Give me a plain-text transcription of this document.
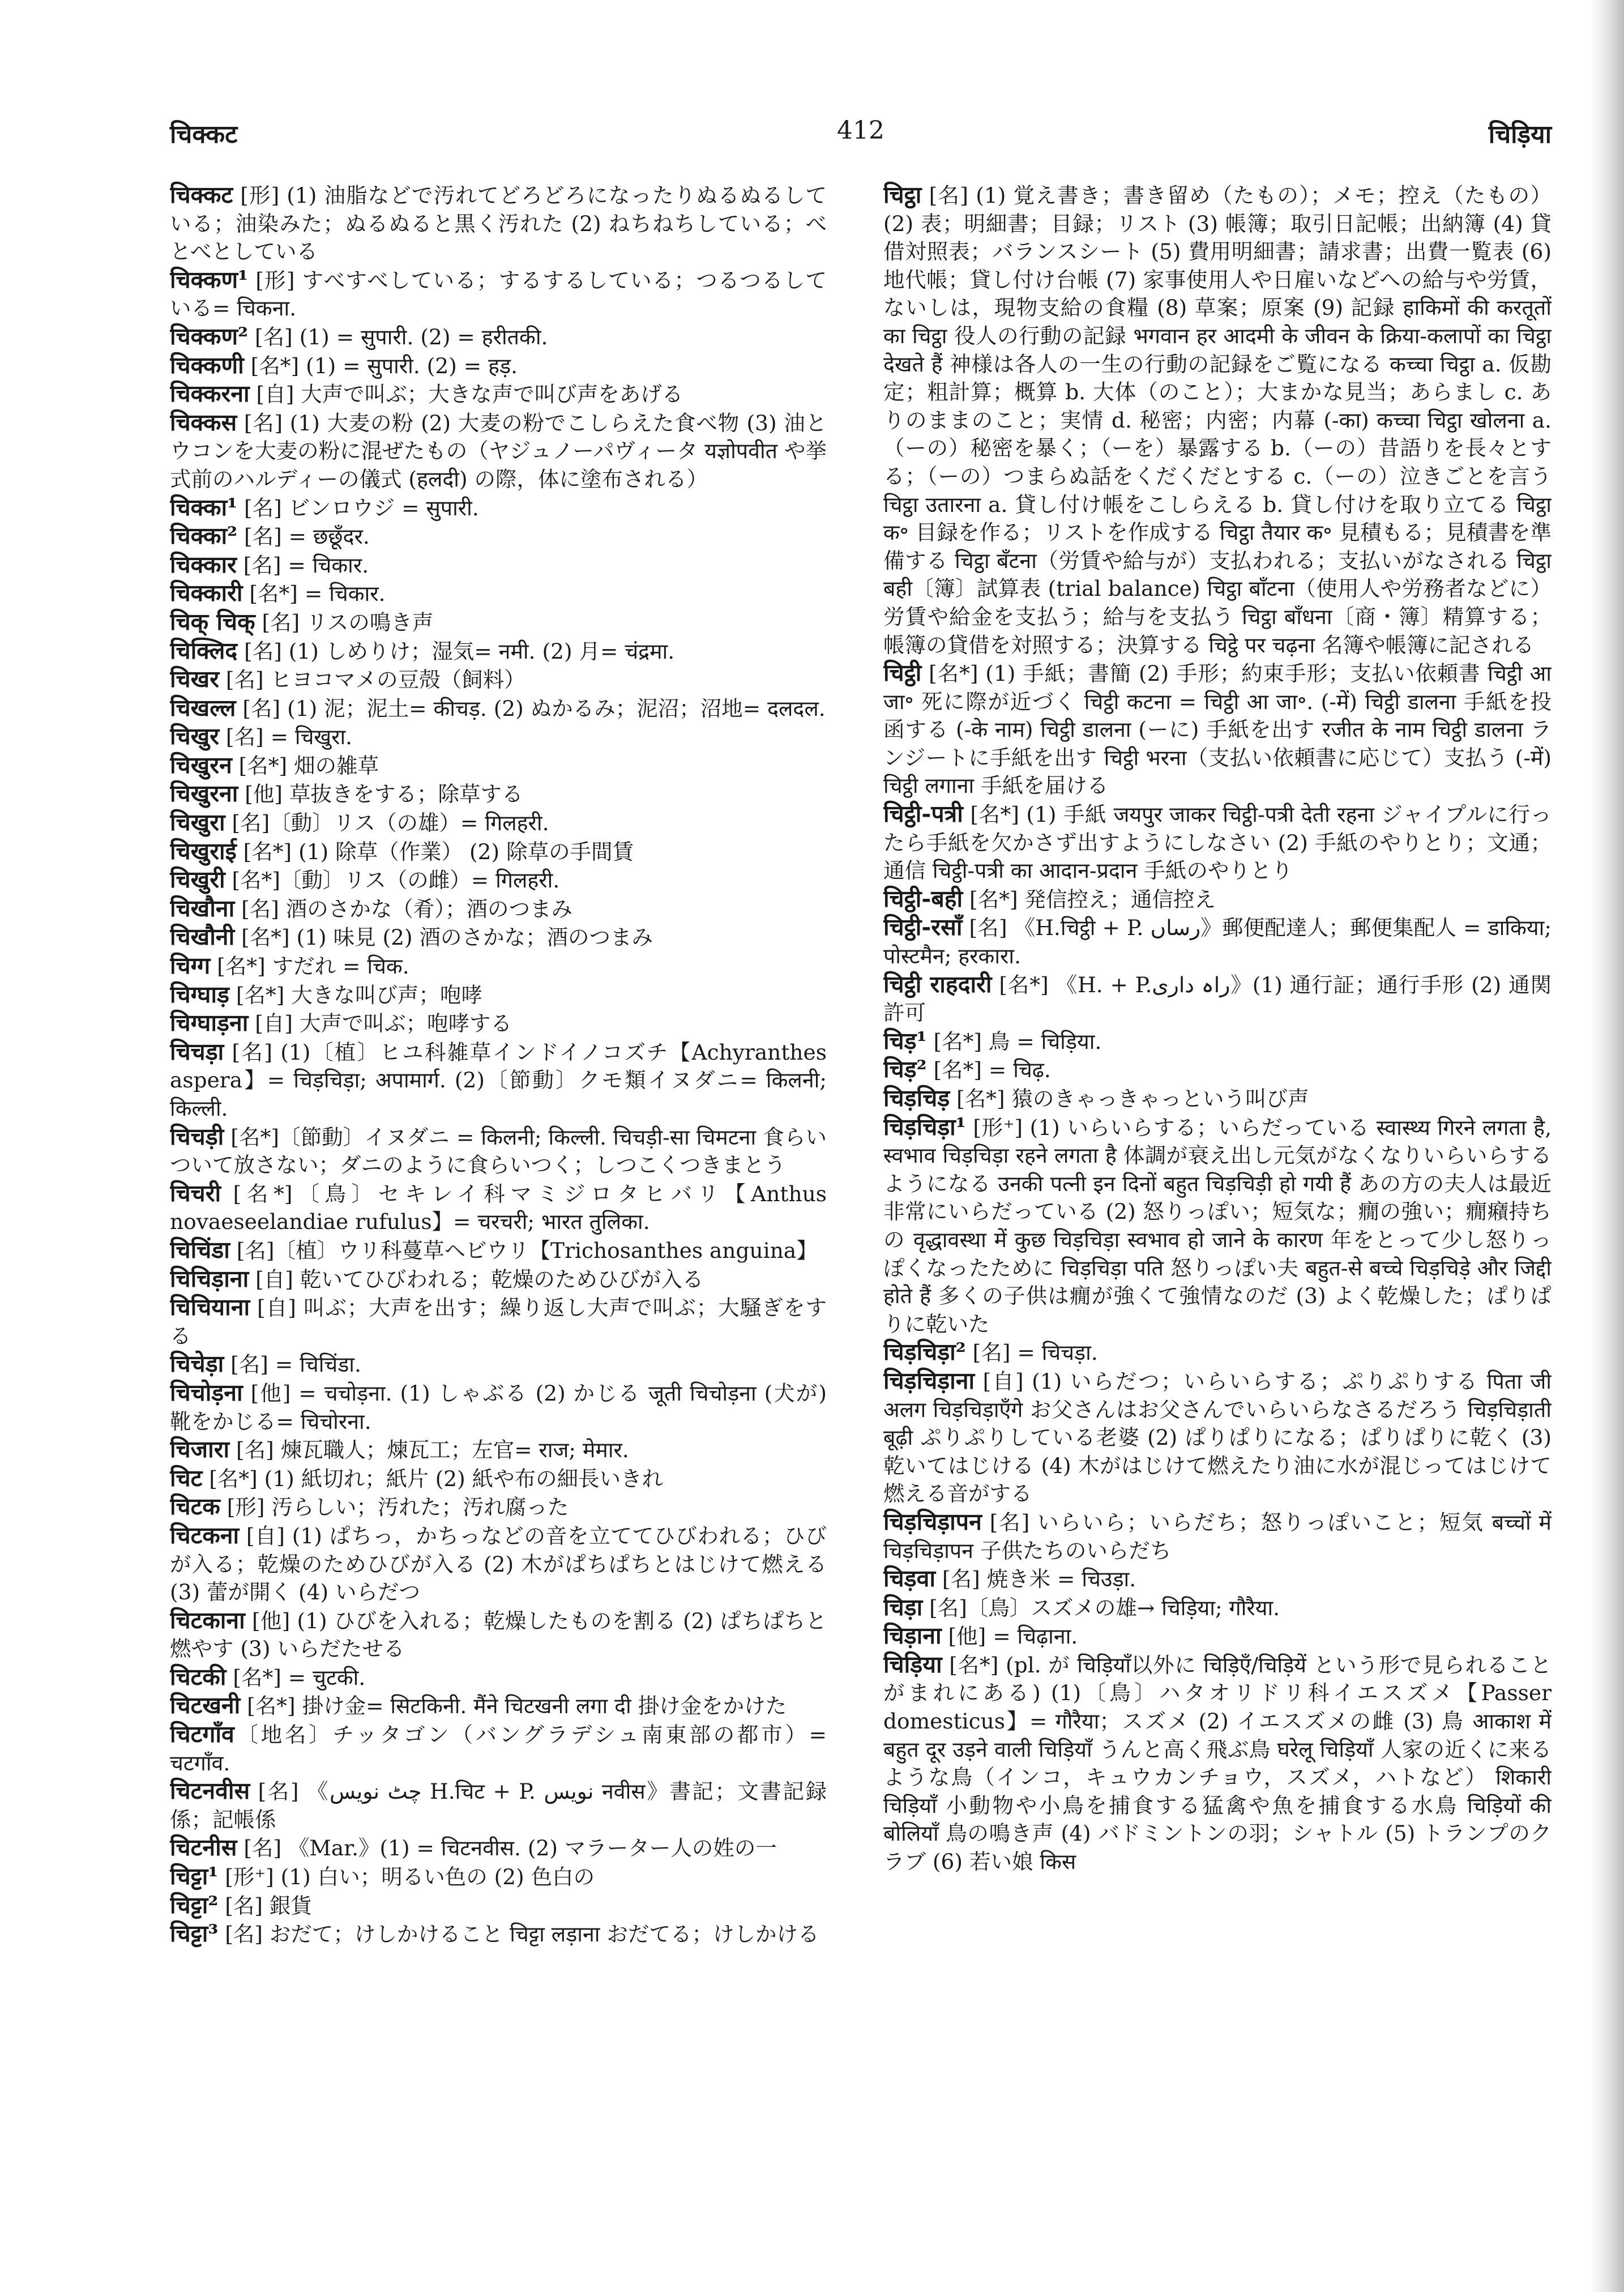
चिक्कट	412	चिड़िया

चिक्कट [形] (1) 油脂などで汚れてどろどろになったりぬるぬるしている；油染みた；ぬるぬると黒く汚れた (2) ねちねちしている；べとべとしている

चिक्कण¹ [形] すべすべしている；するするしている；つるつるしている= चिकना.

चिक्कण² [名] (1) = सुपारी. (2) = हरीतकी.

चिक्कणी [名*] (1) = सुपारी. (2) = हड़.

चिक्करना [自] 大声で叫ぶ；大きな声で叫び声をあげる

चिक्कस [名] (1) 大麦の粉 (2) 大麦の粉でこしらえた食べ物 (3) 油とウコンを大麦の粉に混ぜたもの（ヤジュノーパヴィータ यज्ञोपवीत や挙式前のハルディーの儀式 (हलदी) の際，体に塗布される）

चिक्का¹ [名] ビンロウジ = सुपारी.

चिक्का² [名] = छछूँदर.

चिक्कार [名] = चिकार.

चिक्कारी [名*] = चिकार.

चिक् चिक् [名] リスの鳴き声

चिक्लिद [名] (1) しめりけ；湿気= नमी. (2) 月= चंद्रमा.

चिखर [名] ヒヨコマメの豆殻（飼料）

चिखल्ल [名] (1) 泥；泥土= कीचड़. (2) ぬかるみ；泥沼；沼地= दलदल.

चिखुर [名] = चिखुरा.

चिखुरन [名*] 畑の雑草

चिखुरना [他] 草抜きをする；除草する

चिखुरा [名]〔動〕リス（の雄）= गिलहरी.

चिखुराई [名*] (1) 除草（作業） (2) 除草の手間賃

चिखुरी [名*]〔動〕リス（の雌）= गिलहरी.

चिखौना [名] 酒のさかな（肴）；酒のつまみ

चिखौनी [名*] (1) 味見 (2) 酒のさかな；酒のつまみ

चिग्ग [名*] すだれ = चिक.

चिग्घाड़ [名*] 大きな叫び声；咆哮

चिग्घाड़ना [自] 大声で叫ぶ；咆哮する

चिचड़ा [名] (1)〔植〕ヒユ科雑草インドイノコズチ【Achyranthes aspera】= चिड़चिड़ा; अपामार्ग. (2)〔節動〕クモ類イヌダニ= किलनी; किल्ली.

चिचड़ी [名*]〔節動〕イヌダニ = किलनी; किल्ली. चिचड़ी-सा चिमटना 食らいついて放さない；ダニのように食らいつく；しつこくつきまとう

चिचरी [名*]〔鳥〕セキレイ科マミジロタヒバリ【Anthus novaeseelandiae rufulus】= चरचरी; भारत तुलिका.

चिचिंडा [名]〔植〕ウリ科蔓草ヘビウリ【Trichosanthes anguina】

चिचिड़ाना [自] 乾いてひびわれる；乾燥のためひびが入る

चिचियाना [自] 叫ぶ；大声を出す；繰り返し大声で叫ぶ；大騒ぎをする

चिचेड़ा [名] = चिचिंडा.

चिचोड़ना [他] = चचोड़ना. (1) しゃぶる (2) かじる जूती चिचोड़ना (犬が) 靴をかじる= चिचोरना.

चिजारा [名] 煉瓦職人；煉瓦工；左官= राज; मेमार.

चिट [名*] (1) 紙切れ；紙片 (2) 紙や布の細長いきれ

चिटक [形] 汚らしい；汚れた；汚れ腐った

चिटकना [自] (1) ぱちっ，かちっなどの音を立ててひびわれる；ひびが入る；乾燥のためひびが入る (2) 木がぱちぱちとはじけて燃える (3) 蕾が開く (4) いらだつ

चिटकाना [他] (1) ひびを入れる；乾燥したものを割る (2) ぱちぱちと燃やす (3) いらだたせる

चिटकी [名*] = चुटकी.

चिटखनी [名*] 掛け金= सिटकिनी. मैंने चिटखनी लगा दी 掛け金をかけた

चिटगाँव〔地名〕チッタゴン（バングラデシュ南東部の都市）= चटगाँव.

चिटनवीस [名] 《چٹ نویس H.चिट + P. نویس नवीस》書記；文書記録係；記帳係

चिटनीस [名] 《Mar.》(1) = चिटनवीस. (2) マラーター人の姓の一

चिट्टा¹ [形⁺] (1) 白い；明るい色の (2) 色白の

चिट्टा² [名] 銀貨

चिट्टा³ [名] おだて；けしかけること चिट्टा लड़ाना おだてる；けしかける

चिट्ठा [名] (1) 覚え書き；書き留め（たもの）；メモ；控え（たもの） (2) 表；明細書；目録；リスト (3) 帳簿；取引日記帳；出納簿 (4) 貸借対照表；バランスシート (5) 費用明細書；請求書；出費一覧表 (6) 地代帳；貸し付け台帳 (7) 家事使用人や日雇いなどへの給与や労賃，ないしは，現物支給の食糧 (8) 草案；原案 (9) 記録 हाकिमों की करतूतों का चिट्ठा 役人の行動の記録 भगवान हर आदमी के जीवन के क्रिया-कलापों का चिट्ठा देखते हैं 神様は各人の一生の行動の記録をご覧になる कच्चा चिट्ठा a. 仮勘定；粗計算；概算 b. 大体（のこと）；大まかな見当；あらまし c. ありのままのこと；実情 d. 秘密；内密；内幕 (-का) कच्चा चिट्ठा खोलना a.（ーの）秘密を暴く；（ーを）暴露する b.（ーの）昔語りを長々とする；（ーの）つまらぬ話をくだくだとする c.（ーの）泣きごとを言う चिट्ठा उतारना a. 貸し付け帳をこしらえる b. 貸し付けを取り立てる चिट्ठा क॰ 目録を作る；リストを作成する चिट्ठा तैयार क॰ 見積もる；見積書を準備する चिट्ठा बँटना（労賃や給与が）支払われる；支払いがなされる चिट्ठा बही〔簿〕試算表 (trial balance) चिट्ठा बाँटना（使用人や労務者などに）労賃や給金を支払う；給与を支払う चिट्ठा बाँधना〔商・簿〕精算する；帳簿の貸借を対照する；決算する चिट्ठे पर चढ़ना 名簿や帳簿に記される

चिट्ठी [名*] (1) 手紙；書簡 (2) 手形；約束手形；支払い依頼書 चिट्ठी आ जा॰ 死に際が近づく चिट्ठी कटना = चिट्ठी आ जा॰. (-में) चिट्ठी डालना 手紙を投函する (-के नाम) चिट्ठी डालना (ーに) 手紙を出す रजीत के नाम चिट्ठी डालना ランジートに手紙を出す चिट्ठी भरना（支払い依頼書に応じて）支払う (-में) चिट्ठी लगाना 手紙を届ける

चिट्ठी-पत्री [名*] (1) 手紙 जयपुर जाकर चिट्ठी-पत्री देती रहना ジャイプルに行ったら手紙を欠かさず出すようにしなさい (2) 手紙のやりとり；文通；通信 चिट्ठी-पत्री का आदान-प्रदान 手紙のやりとり

चिट्ठी-बही [名*] 発信控え；通信控え

चिट्ठी-रसाँ [名] 《H.चिट्ठी + P. رساں》郵便配達人；郵便集配人 = डाकिया; पोस्टमैन; हरकारा.

चिट्ठी राहदारी [名*] 《H. + P.راہ داری》(1) 通行証；通行手形 (2) 通関許可

चिड़¹ [名*] 鳥 = चिड़िया.

चिड़² [名*] = चिढ़.

चिड़चिड़ [名*] 猿のきゃっきゃっという叫び声

चिड़चिड़ा¹ [形⁺] (1) いらいらする；いらだっている स्वास्थ्य गिरने लगता है, स्वभाव चिड़चिड़ा रहने लगता है 体調が衰え出し元気がなくなりいらいらするようになる उनकी पत्नी इन दिनों बहुत चिड़चिड़ी हो गयी हैं あの方の夫人は最近非常にいらだっている (2) 怒りっぽい；短気な；癇の強い；癇癪持ちの वृद्धावस्था में कुछ चिड़चिड़ा स्वभाव हो जाने के कारण 年をとって少し怒りっぽくなったために चिड़चिड़ा पति 怒りっぽい夫 बहुत-से बच्चे चिड़चिड़े और जिद्दी होते हैं 多くの子供は癇が強くて強情なのだ (3) よく乾燥した；ぱりぱりに乾いた

चिड़चिड़ा² [名] = चिचड़ा.

चिड़चिड़ाना [自] (1) いらだつ；いらいらする；ぷりぷりする पिता जी अलग चिड़चिड़ाएँगे お父さんはお父さんでいらいらなさるだろう चिड़चिड़ाती बूढ़ी ぷりぷりしている老婆 (2) ぱりぱりになる；ぱりぱりに乾く (3) 乾いてはじける (4) 木がはじけて燃えたり油に水が混じってはじけて燃える音がする

चिड़चिड़ापन [名] いらいら；いらだち；怒りっぽいこと；短気 बच्चों में चिड़चिड़ापन 子供たちのいらだち

चिड़वा [名] 焼き米 = चिउड़ा.

चिड़ा [名]〔鳥〕スズメの雄→ चिड़िया; गौरैया.

चिड़ाना [他] = चिढ़ाना.

चिड़िया [名*] (pl. が चिड़ियाँ以外に चिड़िएँ/चिड़ियें という形で見られることがまれにある) (1)〔鳥〕ハタオリドリ科イエスズメ【Passer domesticus】= गौरैया；スズメ (2) イエスズメの雌 (3) 鳥 आकाश में बहुत दूर उड़ने वाली चिड़ियाँ うんと高く飛ぶ鳥 घरेलू चिड़ियाँ 人家の近くに来るような鳥（インコ，キュウカンチョウ，スズメ，ハトなど） शिकारी चिड़ियाँ 小動物や小鳥を捕食する猛禽や魚を捕食する水鳥 चिड़ियों की बोलियाँ 鳥の鳴き声 (4) バドミントンの羽；シャトル (5) トランプのクラブ (6) 若い娘 किस
